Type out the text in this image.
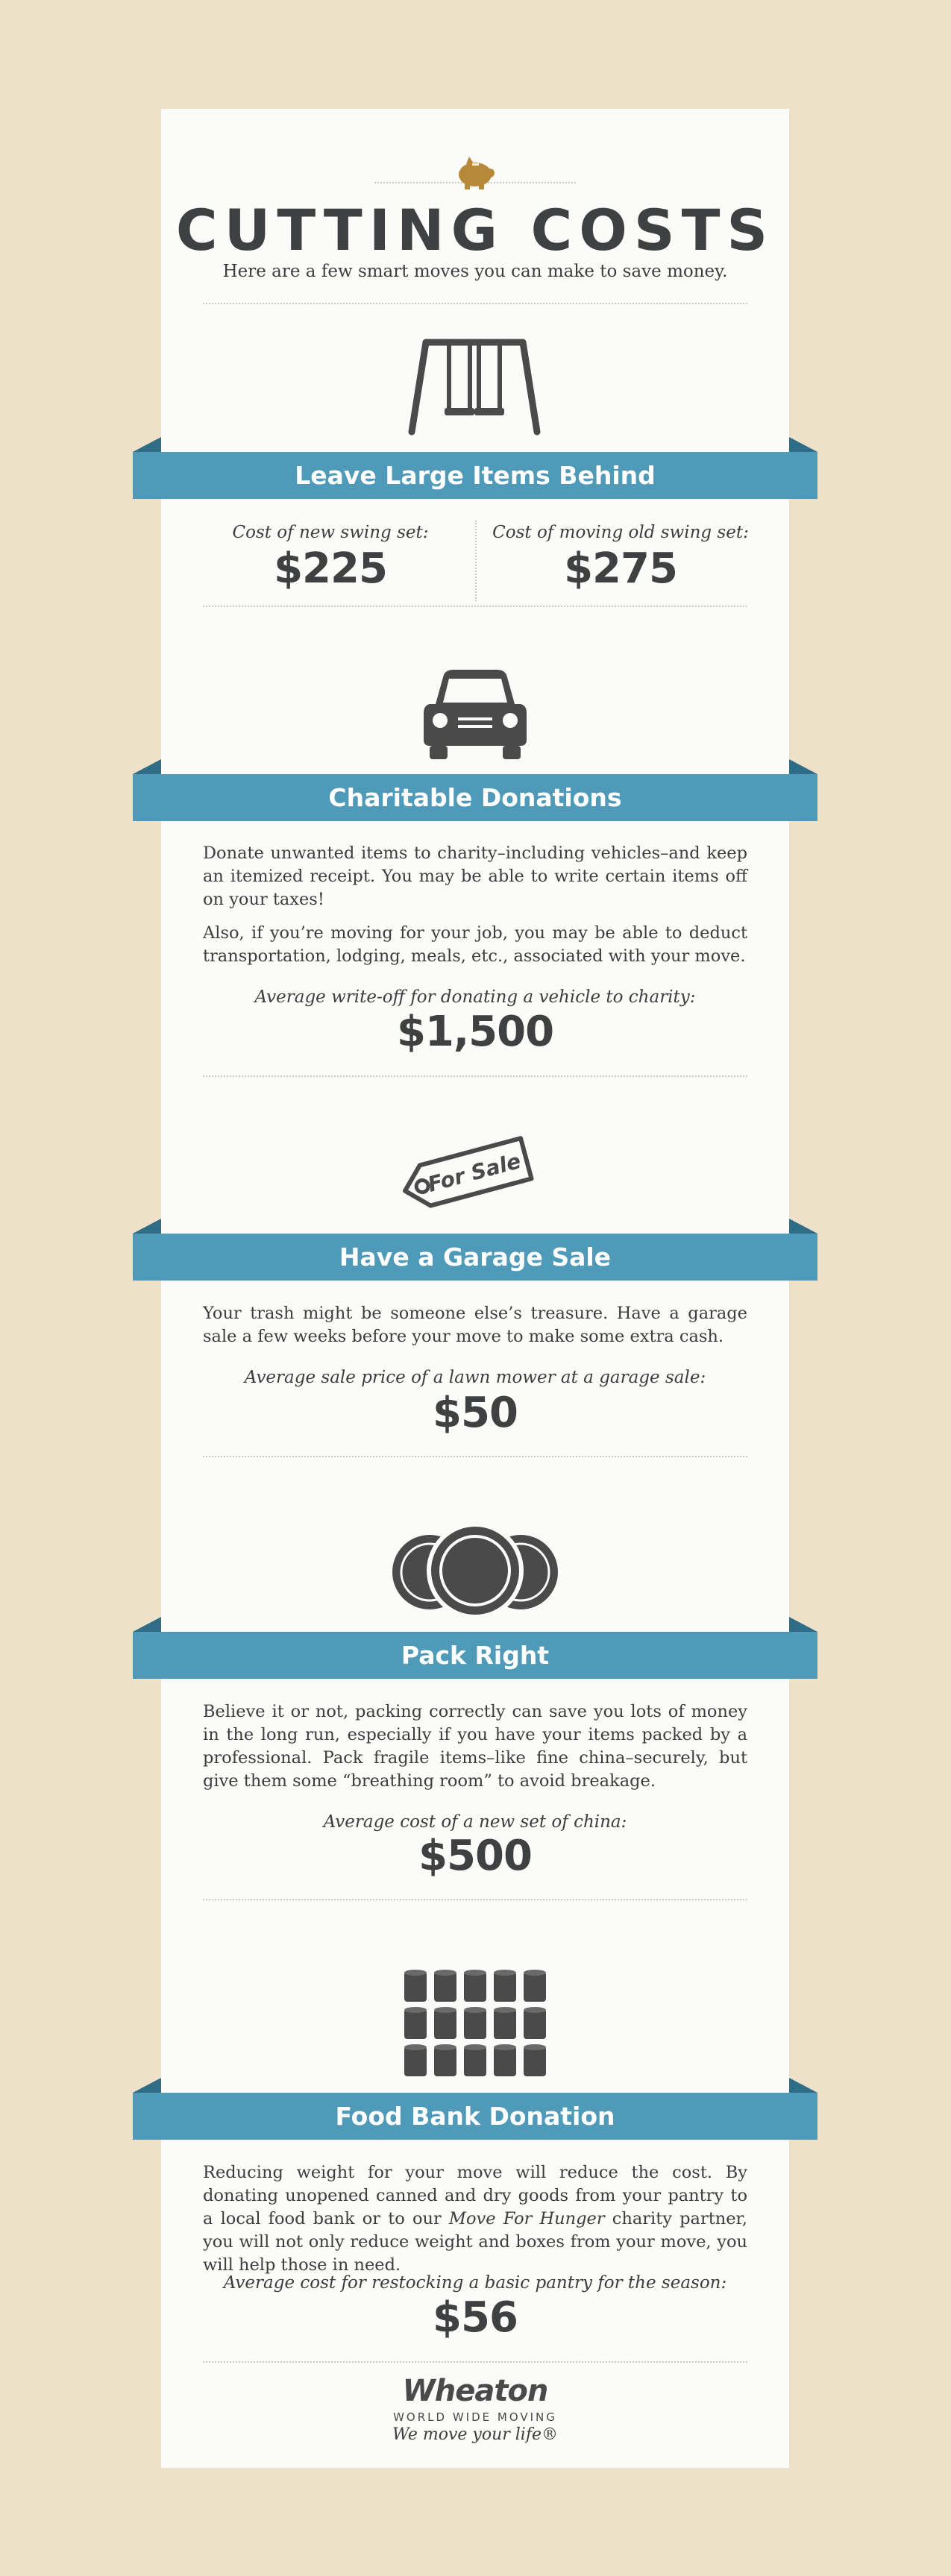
CUTTING COSTS
Here are a few smart moves you can make to save money.
Leave Large Items Behind
Cost of new swing set:
$225
Cost of moving old swing set:
$275
Charitable Donations

Donate unwanted items to charity–including vehicles–and keep an itemized receipt. You may be able to write certain items off on your taxes!

Also, if you’re moving for your job, you may be able to deduct transportation, lodging, meals, etc., associated with your move.

Average write-off for donating a vehicle to charity:
$1,500
For Sale
Have a Garage Sale

Your trash might be someone else’s treasure. Have a garage sale a few weeks before your move to make some extra cash.

Average sale price of a lawn mower at a garage sale:
$50
Pack Right

Believe it or not, packing correctly can save you lots of money in the long run, especially if you have your items packed by a professional. Pack fragile items–like fine china–securely, but give them some “breathing room” to avoid breakage.

Average cost of a new set of china:
$500
Food Bank Donation

Reducing weight for your move will reduce the cost. By donating unopened canned and dry goods from your pantry to a local food bank or to our Move For Hunger charity partner, you will not only reduce weight and boxes from your move, you will help those in need.

Average cost for restocking a basic pantry for the season:
$56
Wheaton
WORLD WIDE MOVING
We move your life®
